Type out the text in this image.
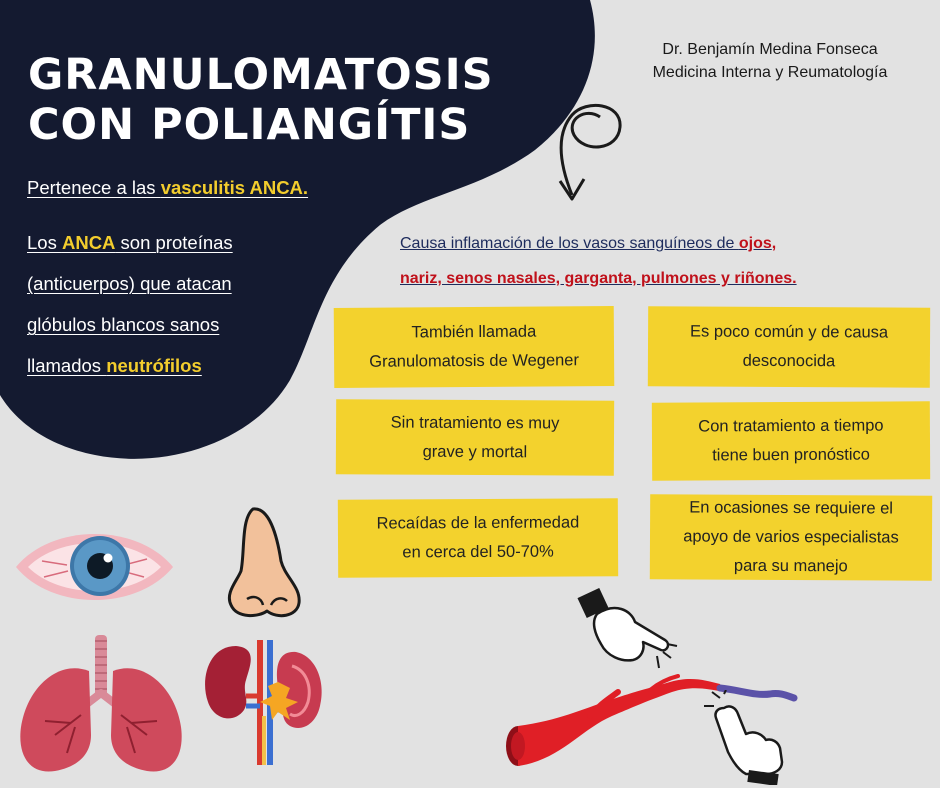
GRANULOMATOSIS
CON POLIANGÍTIS
Dr. Benjamín Medina Fonseca
Medicina Interna y Reumatología
Pertenece a las vasculitis ANCA.
Los ANCA son proteínas
(anticuerpos) que atacan
glóbulos blancos sanos
llamados neutrófilos
Causa inflamación de los vasos sanguíneos de ojos,
nariz, senos nasales, garganta, pulmones y riñones.
También llamada
Granulomatosis de Wegener
Es poco común y de causa
desconocida
Sin tratamiento es muy
grave y mortal
Con tratamiento a tiempo
tiene buen pronóstico
Recaídas de la enfermedad
en cerca del 50-70%
En ocasiones se requiere el
apoyo de varios especialistas
para su manejo
